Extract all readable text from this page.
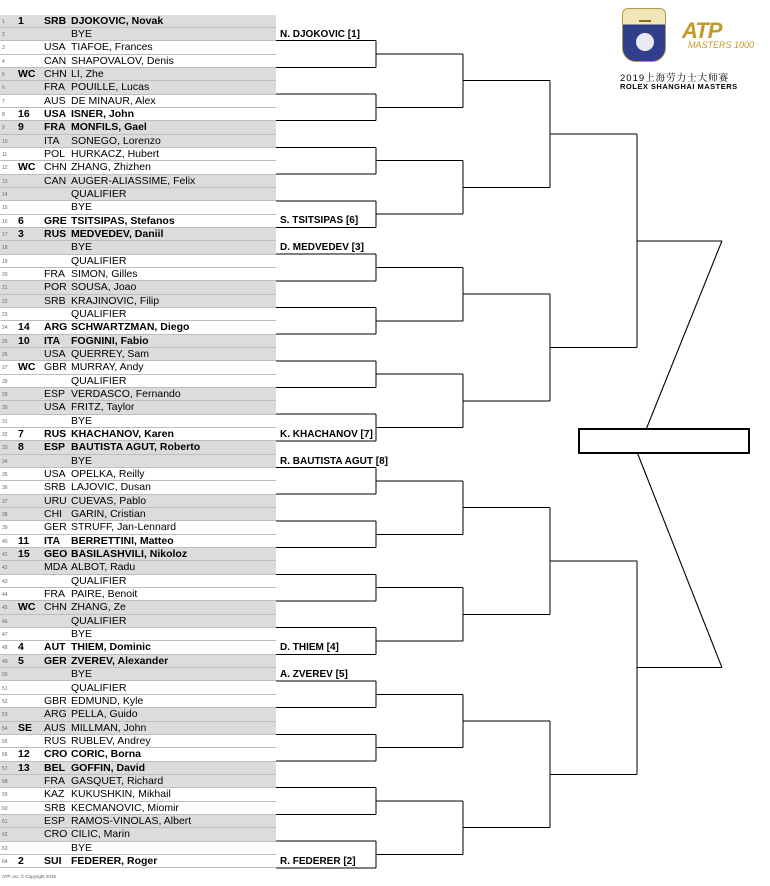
1 1 SRB DJOKOVIC, Novak
2	BYE
3	USA TIAFOE, Frances
4	CAN SHAPOVALOV, Denis
5 WC CHN LI, Zhe
6	FRA POUILLE, Lucas
7	AUS DE MINAUR, Alex
8 16 USA ISNER, John
9 9 FRA MONFILS, Gael
10	ITA SONEGO, Lorenzo
11	POL HURKACZ, Hubert
12 WC CHN ZHANG, Zhizhen
13	CAN AUGER-ALIASSIME, Felix
14	QUALIFIER
15	BYE
16 6 GRE TSITSIPAS, Stefanos
17 3 RUS MEDVEDEV, Daniil
18	BYE
19	QUALIFIER
20	FRA SIMON, Gilles
21	POR SOUSA, Joao
22	SRB KRAJINOVIC, Filip
23	QUALIFIER
24 14 ARG SCHWARTZMAN, Diego
25 10 ITA FOGNINI, Fabio
26	USA QUERREY, Sam
27 WC GBR MURRAY, Andy
28	QUALIFIER
29	ESP VERDASCO, Fernando
30	USA FRITZ, Taylor
31	BYE
32 7 RUS KHACHANOV, Karen
33 8 ESP BAUTISTA AGUT, Roberto
34	BYE
35	USA OPELKA, Reilly
36	SRB LAJOVIC, Dusan
37	URU CUEVAS, Pablo
38	CHI GARIN, Cristian
39	GER STRUFF, Jan-Lennard
40 11 ITA BERRETTINI, Matteo
41 15 GEO BASILASHVILI, Nikoloz
42	MDA ALBOT, Radu
43	QUALIFIER
44	FRA PAIRE, Benoit
45 WC CHN ZHANG, Ze
46	QUALIFIER
47	BYE
48 4 AUT THIEM, Dominic
49 5 GER ZVEREV, Alexander
50	BYE
51	QUALIFIER
52	GBR EDMUND, Kyle
53	ARG PELLA, Guido
54 SE AUS MILLMAN, John
55	RUS RUBLEV, Andrey
56 12 CRO CORIC, Borna
57 13 BEL GOFFIN, David
58	FRA GASQUET, Richard
59	KAZ KUKUSHKIN, Mikhail
60	SRB KECMANOVIC, Miomir
61	ESP RAMOS-VINOLAS, Albert
62	CRO CILIC, Marin
63	BYE
64 2 SUI FEDERER, Roger
N. DJOKOVIC [1]
S. TSITSIPAS [6]
D. MEDVEDEV [3]
K. KHACHANOV [7]
R. BAUTISTA AGUT [8]
D. THIEM [4]
A. ZVEREV [5]
R. FEDERER [2]
ATP
MASTERS 1000
2019上海劳力士大师赛
ROLEX SHANGHAI MASTERS
ATP, Inc. © Copyright 2019
